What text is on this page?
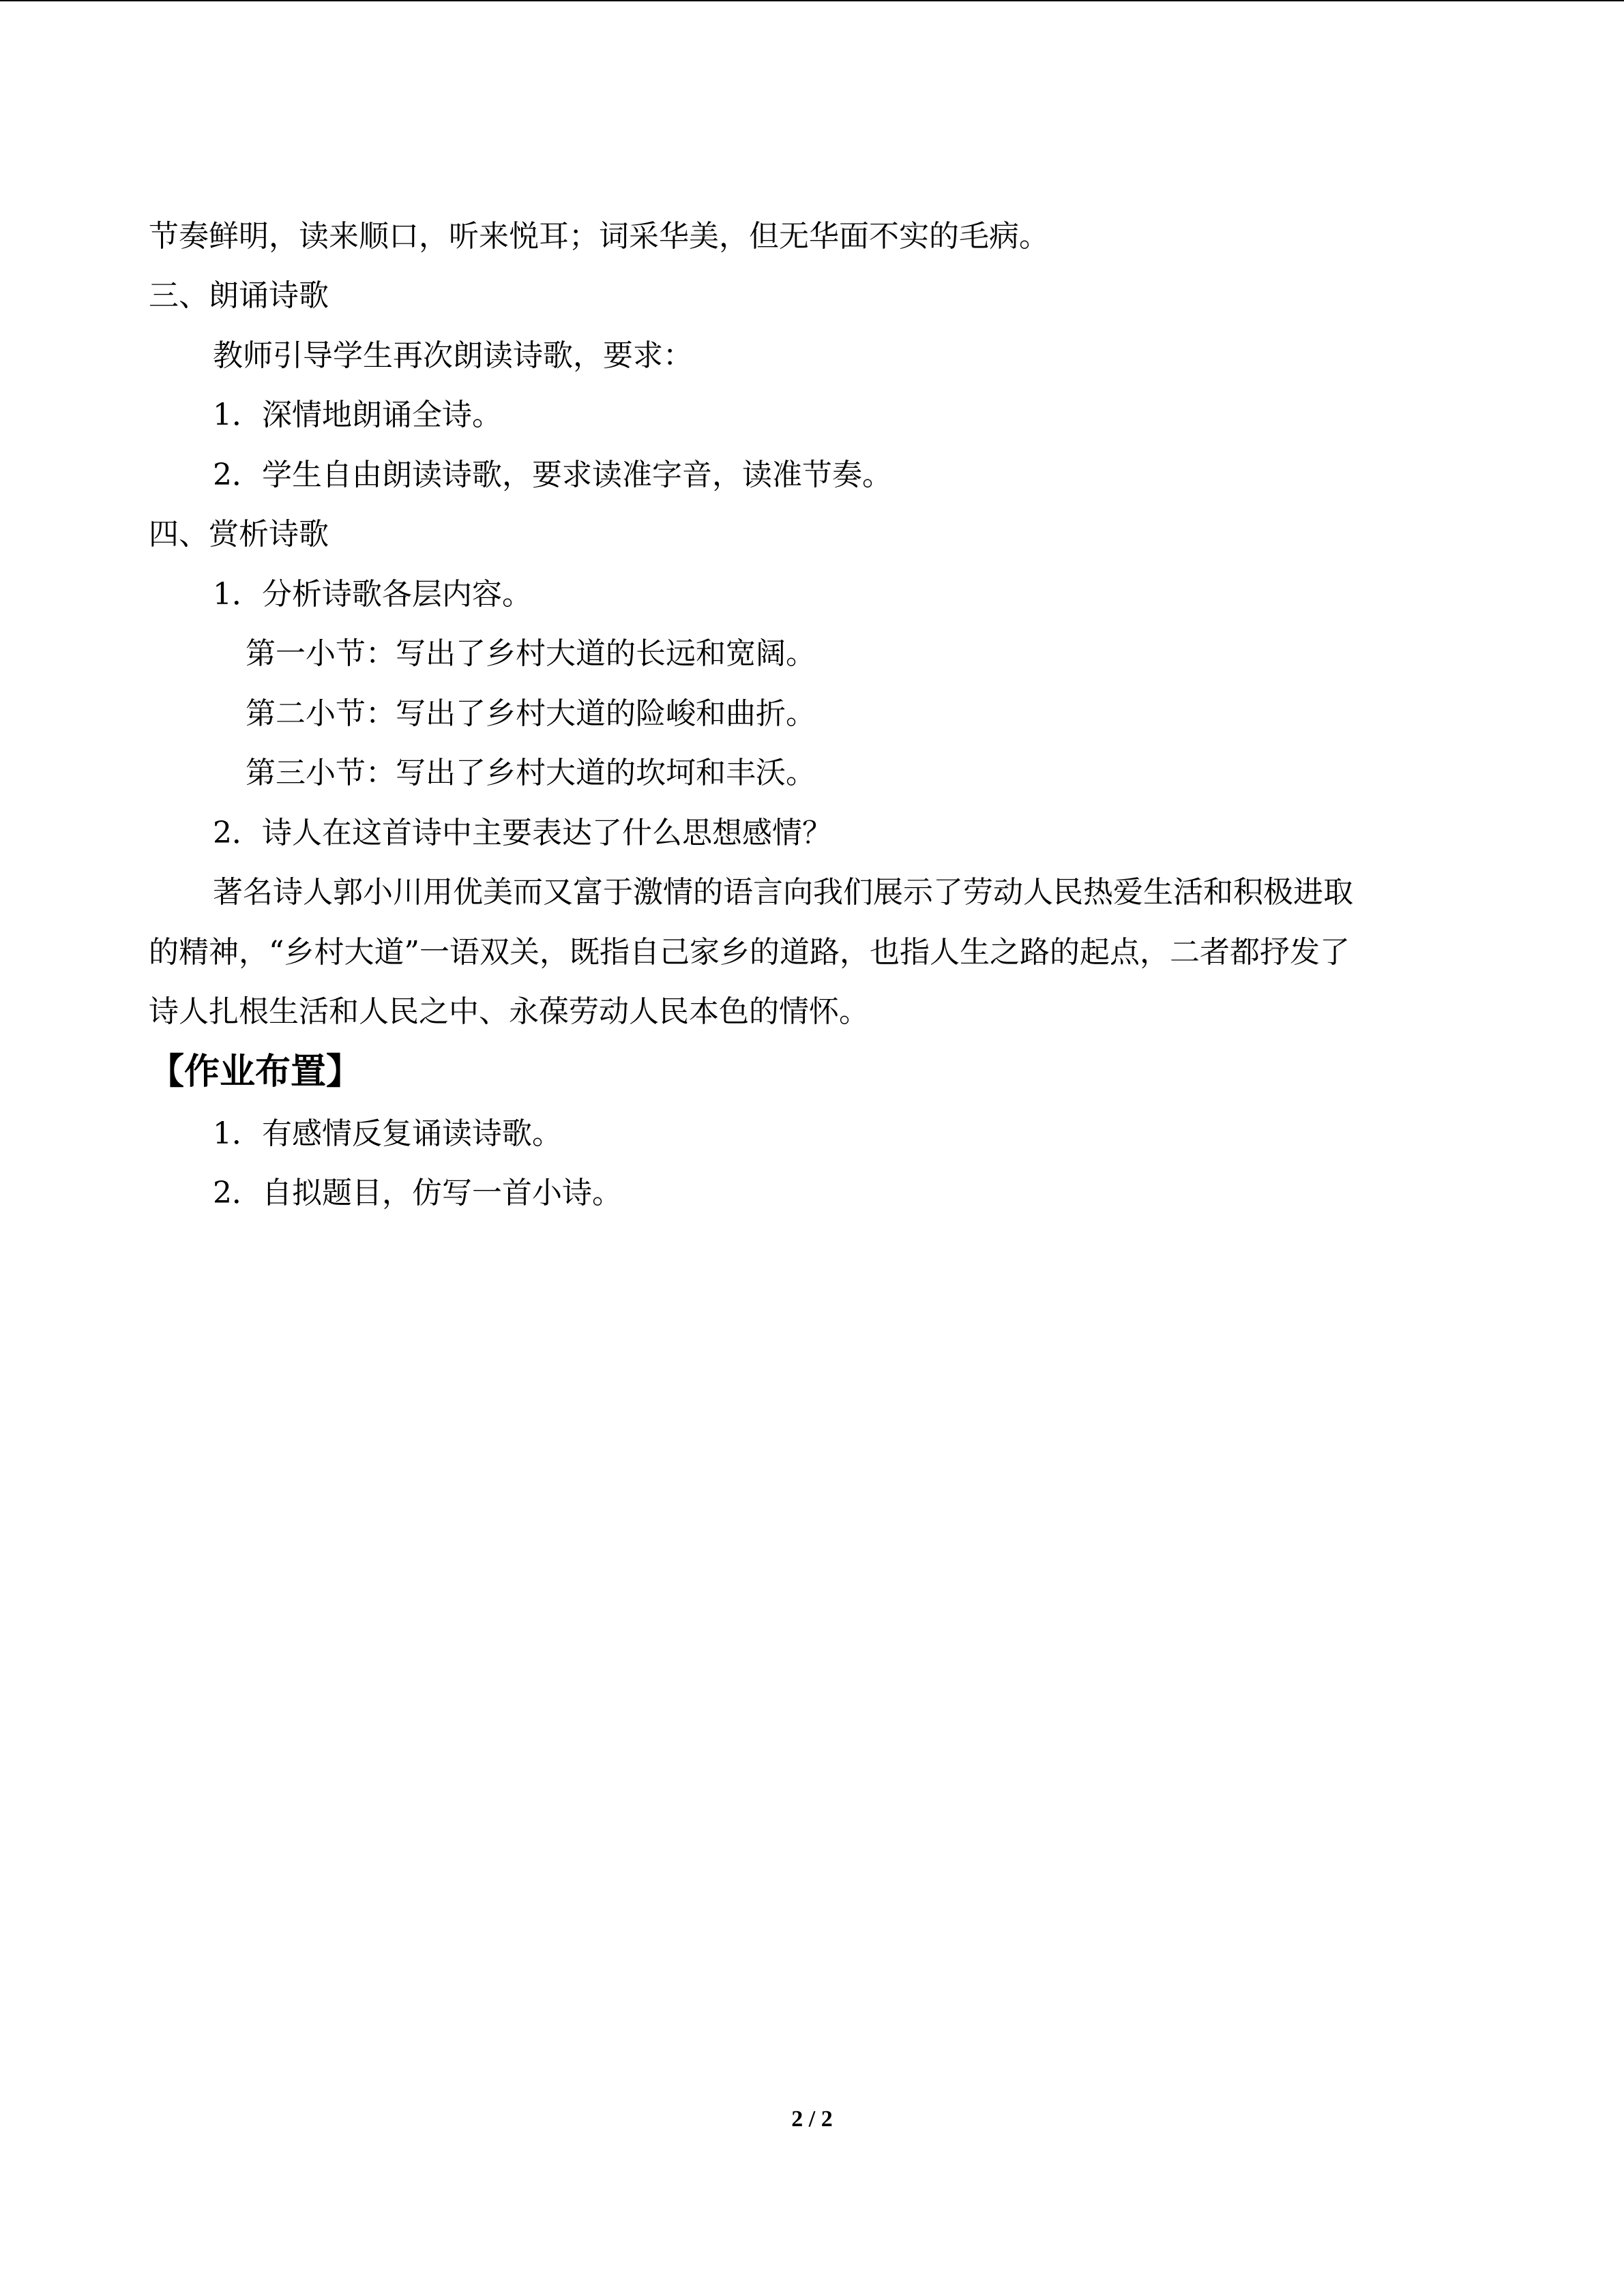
节奏鲜明，读来顺口，听来悦耳；词采华美，但无华面不实的毛病。
三、朗诵诗歌
教师引导学生再次朗读诗歌，要求：
1．深情地朗诵全诗。
2．学生自由朗读诗歌，要求读准字音，读准节奏。
四、赏析诗歌
1．分析诗歌各层内容。
第一小节：写出了乡村大道的长远和宽阔。
第二小节：写出了乡村大道的险峻和曲折。
第三小节：写出了乡村大道的坎坷和丰沃。
2．诗人在这首诗中主要表达了什么思想感情？
著名诗人郭小川用优美而又富于激情的语言向我们展示了劳动人民热爱生活和积极进取
的精神，“乡村大道”一语双关，既指自己家乡的道路，也指人生之路的起点，二者都抒发了
诗人扎根生活和人民之中、永葆劳动人民本色的情怀。
【作业布置】
1．有感情反复诵读诗歌。
2．自拟题目，仿写一首小诗。
2 / 2
